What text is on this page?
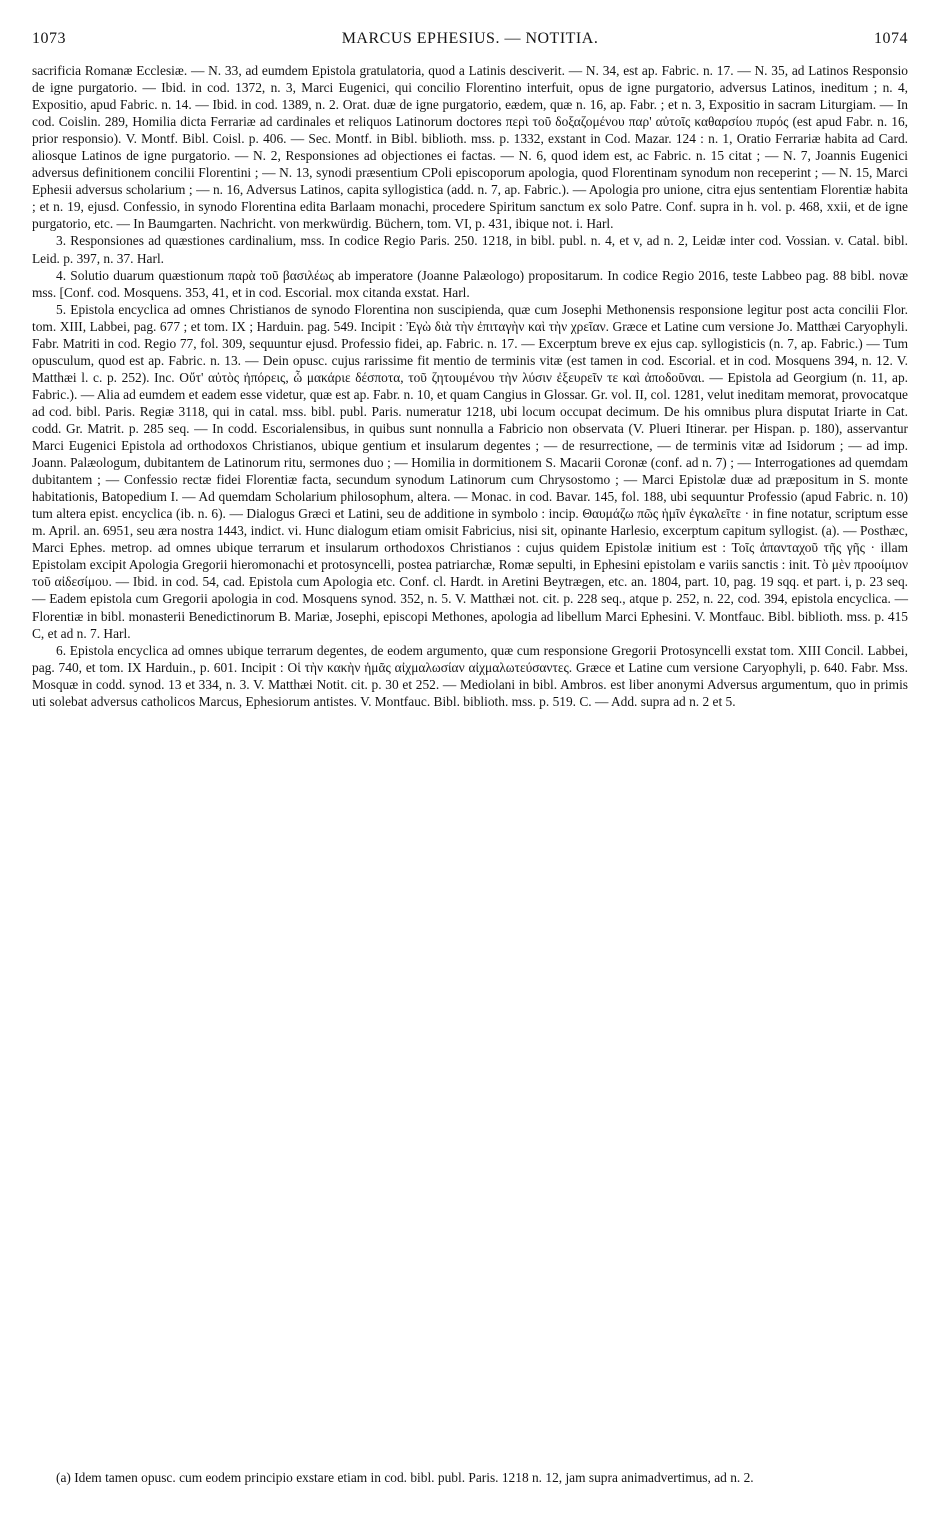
1073	MARCUS EPHESIUS. — NOTITIA.	1074

sacrificia Romanæ Ecclesiæ. — N. 33, ad eumdem Epistola gratulatoria, quod a Latinis desciverit. — N. 34, est ap. Fabric. n. 17. — N. 35, ad Latinos Responsio de igne purgatorio. — Ibid. in cod. 1372, n. 3, Marci Eugenici, qui concilio Florentino interfuit, opus de igne purgatorio, adversus Latinos, ineditum ; n. 4, Expositio, apud Fabric. n. 14. — Ibid. in cod. 1389, n. 2. Orat. duæ de igne purgatorio, eædem, quæ n. 16, ap. Fabr. ; et n. 3, Expositio in sacram Liturgiam. — In cod. Coislin. 289, Homilia dicta Ferrariæ ad cardinales et reliquos Latinorum doctores περὶ τοῦ δοξαζομένου παρ' αὐτοῖς καθαρσίου πυρός (est apud Fabr. n. 16, prior responsio). V. Montf. Bibl. Coisl. p. 406. — Sec. Montf. in Bibl. biblioth. mss. p. 1332, exstant in Cod. Mazar. 124 : n. 1, Oratio Ferrariæ habita ad Card. aliosque Latinos de igne purgatorio. — N. 2, Responsiones ad objectiones ei factas. — N. 6, quod idem est, ac Fabric. n. 15 citat ; — N. 7, Joannis Eugenici adversus definitionem concilii Florentini ; — N. 13, synodi præsentium CPoli episcoporum apologia, quod Florentinam synodum non receperint ; — N. 15, Marci Ephesii adversus scholarium ; — n. 16, Adversus Latinos, capita syllogistica (add. n. 7, ap. Fabric.). — Apologia pro unione, citra ejus sententiam Florentiæ habita ; et n. 19, ejusd. Confessio, in synodo Florentina edita Barlaam monachi, procedere Spiritum sanctum ex solo Patre. Conf. supra in h. vol. p. 468, xxii, et de igne purgatorio, etc. — In Baumgarten. Nachricht. von merkwürdig. Büchern, tom. VI, p. 431, ibique not. i. Harl.

3. Responsiones ad quæstiones cardinalium, mss. In codice Regio Paris. 250. 1218, in bibl. publ. n. 4, et v, ad n. 2, Leidæ inter cod. Vossian. v. Catal. bibl. Leid. p. 397, n. 37. Harl.

4. Solutio duarum quæstionum παρὰ τοῦ βασιλέως ab imperatore (Joanne Palæologo) propositarum. In codice Regio 2016, teste Labbeo pag. 88 bibl. novæ mss. [Conf. cod. Mosquens. 353, 41, et in cod. Escorial. mox citanda exstat. Harl.

5. Epistola encyclica ad omnes Christianos de synodo Florentina non suscipienda, quæ cum Josephi Methonensis responsione legitur post acta concilii Flor. tom. XIII, Labbei, pag. 677 ; et tom. IX ; Harduin. pag. 549. Incipit : Ἐγὼ διὰ τὴν ἐπιταγὴν καὶ τὴν χρεῖαν. Græce et Latine cum versione Jo. Matthæi Caryophyli. Fabr. Matriti in cod. Regio 77, fol. 309, sequuntur ejusd. Professio fidei, ap. Fabric. n. 17. — Excerptum breve ex ejus cap. syllogisticis (n. 7, ap. Fabric.) — Tum opusculum, quod est ap. Fabric. n. 13. — Dein opusc. cujus rarissime fit mentio de terminis vitæ (est tamen in cod. Escorial. et in cod. Mosquens 394, n. 12. V. Matthæi l. c. p. 252). Inc. Οὔτ' αὐτὸς ἠπόρεις, ὦ μακάριε δέσποτα, τοῦ ζητουμένου τὴν λύσιν ἐξευρεῖν τε καὶ ἀποδοῦναι. — Epistola ad Georgium (n. 11, ap. Fabric.). — Alia ad eumdem et eadem esse videtur, quæ est ap. Fabr. n. 10, et quam Cangius in Glossar. Gr. vol. II, col. 1281, velut ineditam memorat, provocatque ad cod. bibl. Paris. Regiæ 3118, qui in catal. mss. bibl. publ. Paris. numeratur 1218, ubi locum occupat decimum. De his omnibus plura disputat Iriarte in Cat. codd. Gr. Matrit. p. 285 seq. — In codd. Escorialensibus, in quibus sunt nonnulla a Fabricio non observata (V. Plueri Itinerar. per Hispan. p. 180), asservantur Marci Eugenici Epistola ad orthodoxos Christianos, ubique gentium et insularum degentes ; — de resurrectione, — de terminis vitæ ad Isidorum ; — ad imp. Joann. Palæologum, dubitantem de Latinorum ritu, sermones duo ; — Homilia in dormitionem S. Macarii Coronæ (conf. ad n. 7) ; — Interrogationes ad quemdam dubitantem ; — Confessio rectæ fidei Florentiæ facta, secundum synodum Latinorum cum Chrysostomo ; — Marci Epistolæ duæ ad præpositum in S. monte habitationis, Batopedium I. — Ad quemdam Scholarium philosophum, altera. — Monac. in cod. Bavar. 145, fol. 188, ubi sequuntur Professio (apud Fabric. n. 10) tum altera epist. encyclica (ib. n. 6). — Dialogus Græci et Latini, seu de additione in symbolo : incip. Θαυμάζω πῶς ἡμῖν ἐγκαλεῖτε · in fine notatur, scriptum esse m. April. an. 6951, seu æra nostra 1443, indict. vi. Hunc dialogum etiam omisit Fabricius, nisi sit, opinante Harlesio, excerptum capitum syllogist. (a). — Posthæc, Marci Ephes. metrop. ad omnes ubique terrarum et insularum orthodoxos Christianos : cujus quidem Epistolæ initium est : Τοῖς ἁπανταχοῦ τῆς γῆς · illam Epistolam excipit Apologia Gregorii hieromonachi et protosyncelli, postea patriarchæ, Romæ sepulti, in Ephesini epistolam e variis sanctis : init. Τὸ μὲν προοίμιον τοῦ αἰδεσίμου. — Ibid. in cod. 54, cad. Epistola cum Apologia etc. Conf. cl. Hardt. in Aretini Beytrægen, etc. an. 1804, part. 10, pag. 19 sqq. et part. i, p. 23 seq. — Eadem epistola cum Gregorii apologia in cod. Mosquens synod. 352, n. 5. V. Matthæi not. cit. p. 228 seq., atque p. 252, n. 22, cod. 394, epistola encyclica. — Florentiæ in bibl. monasterii Benedictinorum B. Mariæ, Josephi, episcopi Methones, apologia ad libellum Marci Ephesini. V. Montfauc. Bibl. biblioth. mss. p. 415 C, et ad n. 7. Harl.

6. Epistola encyclica ad omnes ubique terrarum degentes, de eodem argumento, quæ cum responsione Gregorii Protosyncelli exstat tom. XIII Concil. Labbei, pag. 740, et tom. IX Harduin., p. 601. Incipit : Οἱ τὴν κακὴν ἡμᾶς αἰχμαλωσίαν αἰχμαλωτεύσαντες. Græce et Latine cum versione Caryophyli, p. 640. Fabr. Mss. Mosquæ in codd. synod. 13 et 334, n. 3. V. Matthæi Notit. cit. p. 30 et 252. — Mediolani in bibl. Ambros. est liber anonymi Adversus argumentum, quo in primis uti solebat adversus catholicos Marcus, Ephesiorum antistes. V. Montfauc. Bibl. biblioth. mss. p. 519. C. — Add. supra ad n. 2 et 5.

(a) Idem tamen opusc. cum eodem principio exstare etiam in cod. bibl. publ. Paris. 1218 n. 12, jam supra animadvertimus, ad n. 2.
